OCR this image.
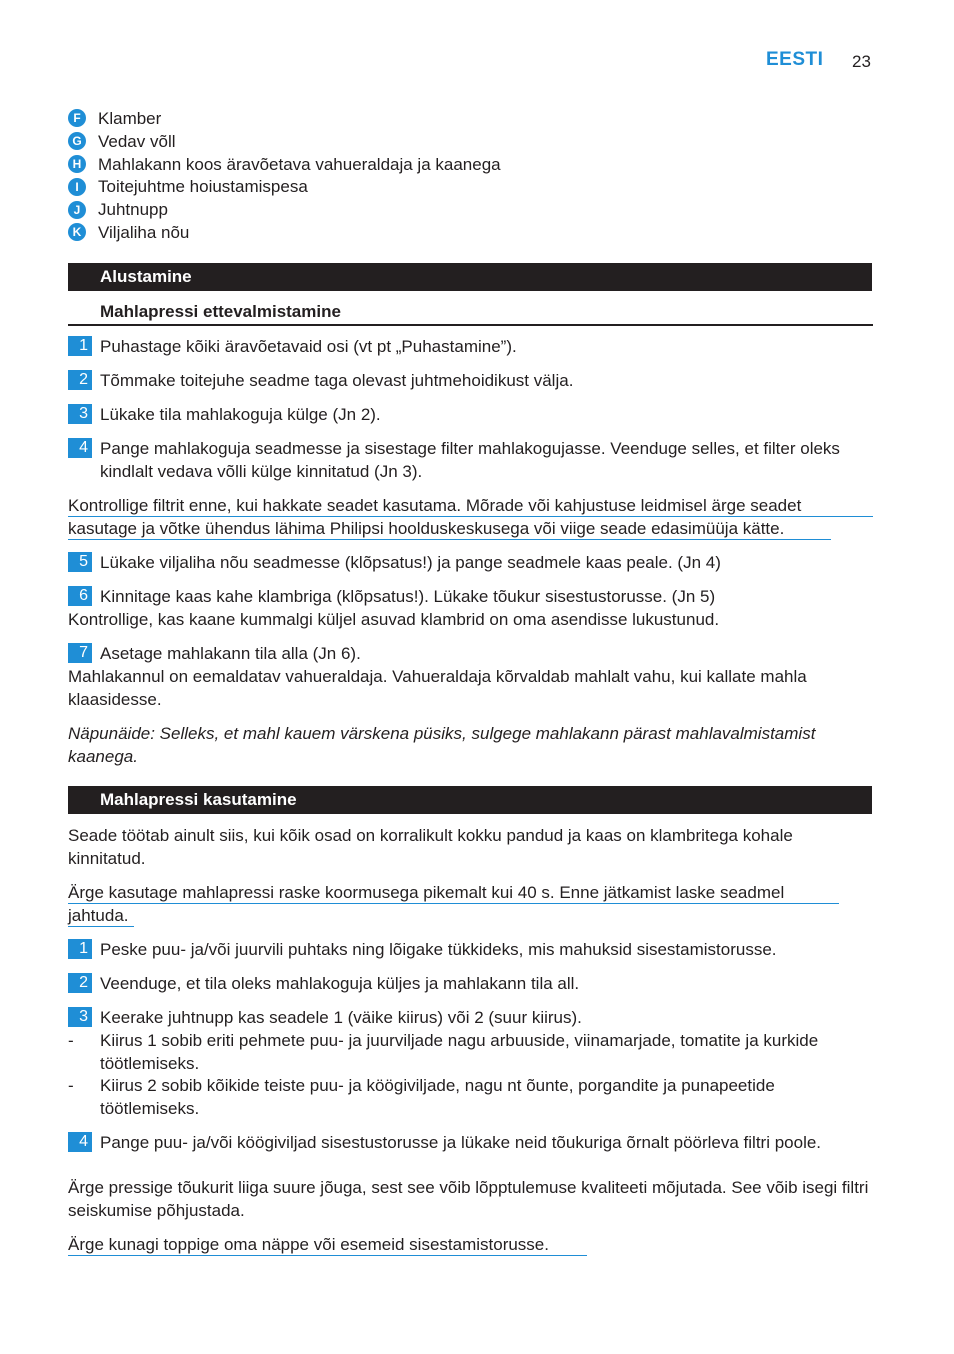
EESTI 23
F	Klamber
G Vedav võll
H Mahlakann koos äravõetava vahueraldaja ja kaanega
I	Toitejuhtme hoiustamispesa
J	Juhtnupp
K Viljaliha nõu
Alustamine
Mahlapressi ettevalmistamine
1 Puhastage kõiki äravõetavaid osi (vt pt „Puhastamine”).
2 Tõmmake toitejuhe seadme taga olevast juhtmehoidikust välja.
3 Lükake tila mahlakoguja külge (Jn 2).
4 Pange mahlakoguja seadmesse ja sisestage filter mahlakogujasse. Veenduge selles, et filter oleks kindlalt vedava võlli külge kinnitatud (Jn 3).
Kontrollige filtrit enne, kui hakkate seadet kasutama. Mõrade või kahjustuse leidmisel ärge seadet
kasutage ja võtke ühendus lähima Philipsi hoolduskeskusega või viige seade edasimüüja kätte.
5 Lükake viljaliha nõu seadmesse (klõpsatus!) ja pange seadmele kaas peale. (Jn 4)
6 Kinnitage kaas kahe klambriga (klõpsatus!). Lükake tõukur sisestustorusse. (Jn 5)
Kontrollige, kas kaane kummalgi küljel asuvad klambrid on oma asendisse lukustunud.
7 Asetage mahlakann tila alla (Jn 6).
Mahlakannul on eemaldatav vahueraldaja. Vahueraldaja kõrvaldab mahlalt vahu, kui kallate mahla klaasidesse.
Näpunäide: Selleks, et mahl kauem värskena püsiks, sulgege mahlakann pärast mahlavalmistamist kaanega.
Mahlapressi kasutamine
Seade töötab ainult siis, kui kõik osad on korralikult kokku pandud ja kaas on klambritega kohale kinnitatud.
Ärge kasutage mahlapressi raske koormusega pikemalt kui 40 s. Enne jätkamist laske seadmel
jahtuda.
1 Peske puu- ja/või juurvili puhtaks ning lõigake tükkideks, mis mahuksid sisestamistorusse.
2 Veenduge, et tila oleks mahlakoguja küljes ja mahlakann tila all.
3 Keerake juhtnupp kas seadele 1 (väike kiirus) või 2 (suur kiirus).
- Kiirus 1 sobib eriti pehmete puu- ja juurviljade nagu arbuuside, viinamarjade, tomatite ja kurkide töötlemiseks.
- Kiirus 2 sobib kõikide teiste puu- ja köögiviljade, nagu nt õunte, porgandite ja punapeetide töötlemiseks.
4 Pange puu- ja/või köögiviljad sisestustorusse ja lükake neid tõukuriga õrnalt pöörleva filtri poole.
Ärge pressige tõukurit liiga suure jõuga, sest see võib lõpptulemuse kvaliteeti mõjutada. See võib isegi filtri seiskumise põhjustada.
Ärge kunagi toppige oma näppe või esemeid sisestamistorusse.
